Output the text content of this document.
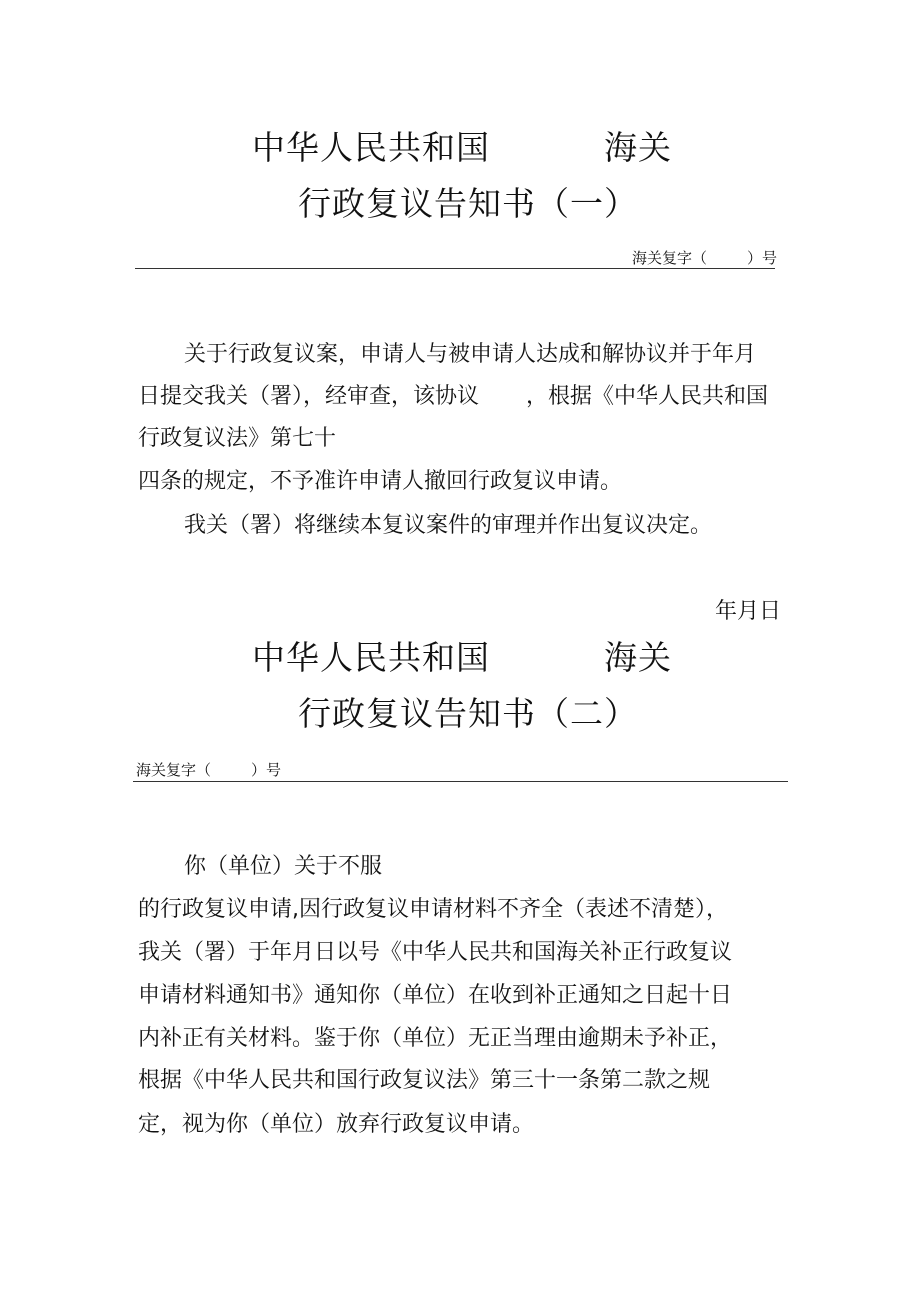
中华人民共和国	海关
行政复议告知书（一）
海关复字（	）号
关于行政复议案，申请人与被申请人达成和解协议并于年月
日提交我关（署），经审查，该协议 ，根据《中华人民共和国
行政复议法》第七十
四条的规定，不予准许申请人撤回行政复议申请。
我关（署）将继续本复议案件的审理并作出复议决定。
年月日
中华人民共和国	海关
行政复议告知书（二）
海关复字（	）号
你（单位）关于不服
的行政复议申请,因行政复议申请材料不齐全（表述不清楚），
我关（署）于年月日以号《中华人民共和国海关补正行政复议
申请材料通知书》通知你（单位）在收到补正通知之日起十日
内补正有关材料。鉴于你（单位）无正当理由逾期未予补正，
根据《中华人民共和国行政复议法》第三十一条第二款之规
定，视为你（单位）放弃行政复议申请。
